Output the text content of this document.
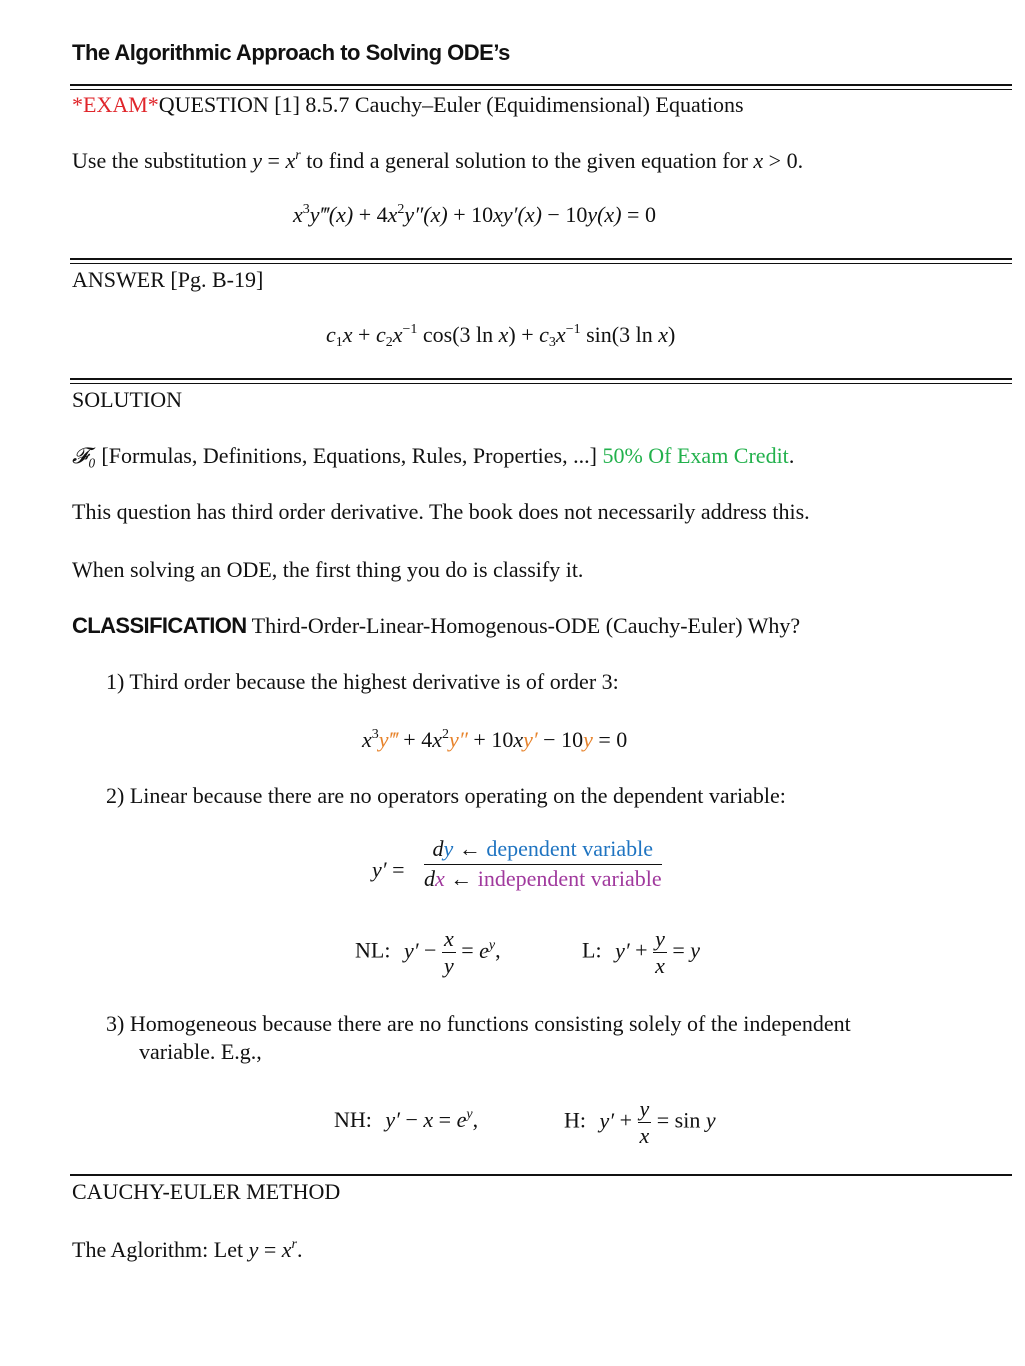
The Algorithmic Approach to Solving ODE’s
*EXAM*QUESTION [1] 8.5.7 Cauchy–Euler (Equidimensional) Equations
Use the substitution $y = x^r$ to find a general solution to the given equation for x > 0.
$x^3y‴(x) + 4x^2y''(x) + 10xy'(x) - 10y(x) = 0$
ANSWER [Pg. B-19]
$c_1x + c_2x^{-1}$ cos(3 $\ln x) + c_3x^{-1}$ sin(3 ln x)
SOLUTION
𝓕₀ [Formulas, Definitions, Equations, Rules, Properties, ...] 50% Of Exam Credit.
This question has third order derivative. The book does not necessarily address this.
When solving an ODE, the first thing you do is classify it.
CLASSIFICATION Third-Order-Linear-Homogenous-ODE (Cauchy-Euler) Why?
1) Third order because the highest derivative is of order 3:
$x^3y‴ + 4x^2y'' + 10xy' - 10y = 0$
2) Linear because there are no operators operating on the dependent variable:
y′ =
dy ← dependent variable
dx ← independent variable
NL: $y' - \frac{x}{y} = e^y$,	L: $y' + \frac{y}{x} = y$
3) Homogeneous because there are no functions consisting solely of the independent
variable. E.g.,
NH: $y' - x = e^y$,	H: $y' + \frac{y}{x} = \sin y$
CAUCHY-EULER METHOD
The Aglorithm: Let $y = x^r$.
